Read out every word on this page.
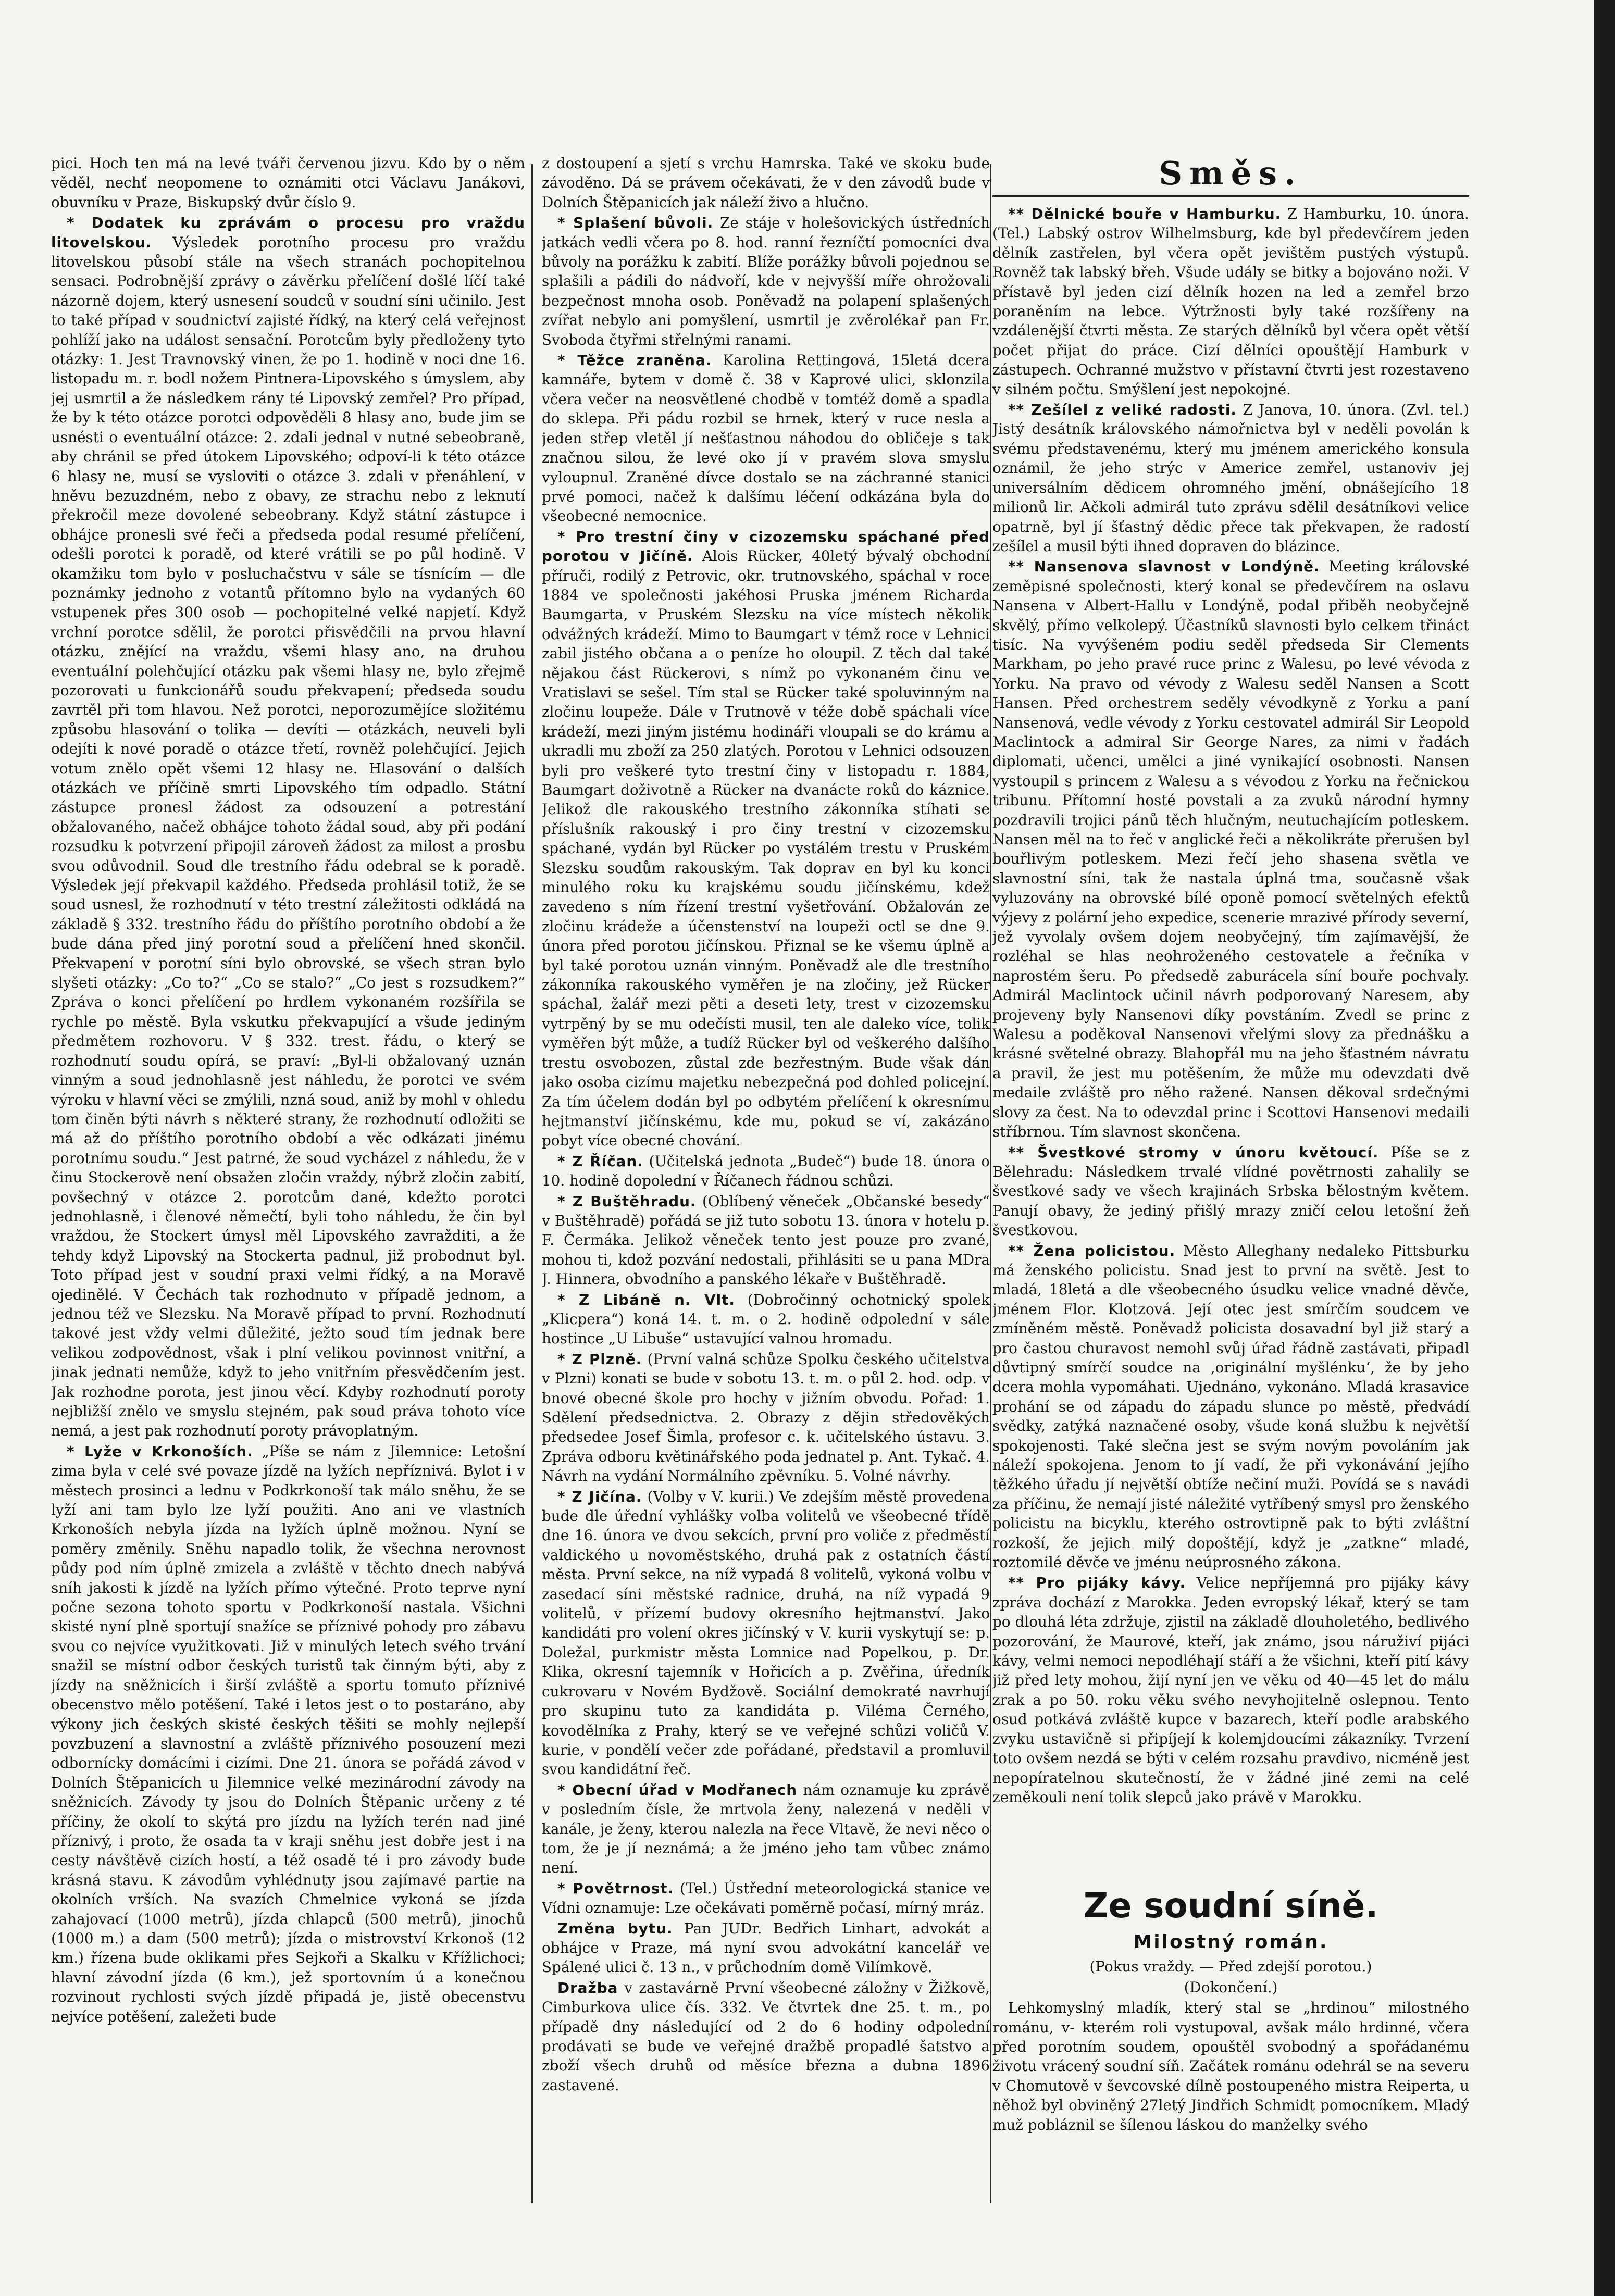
pici. Hoch ten má na levé tváři červenou jizvu. Kdo by o něm věděl, nechť neopomene to oznámiti otci Václavu Janákovi, obuvníku v Praze, Biskupský dvůr číslo 9.

* Dodatek ku zprávám o procesu pro vraždu litovelskou. Výsledek porotního procesu pro vraždu litovelskou působí stále na všech stranách pochopitelnou sensaci. Podrobnější zprávy o závěrku přelíčení došlé líčí také názorně dojem, který usnesení soudců v soudní síni učinilo. Jest to také případ v soudnictví zajisté řídký, na který celá veřejnost pohlíží jako na událost sensační. Porotcům byly předloženy tyto otázky: 1. Jest Travnovský vinen, že po 1. hodině v noci dne 16. listopadu m. r. bodl nožem Pintnera-Lipovského s úmyslem, aby jej usmrtil a že následkem rány té Lipovský zemřel? Pro případ, že by k této otázce porotci odpověděli 8 hlasy ano, bude jim se usnésti o eventuální otázce: 2. zdali jednal v nutné sebeobraně, aby chránil se před útokem Lipovského; odpoví-li k této otázce 6 hlasy ne, musí se vysloviti o otázce 3. zdali v přenáhlení, v hněvu bezuzdném, nebo z obavy, ze strachu nebo z leknutí překročil meze dovolené sebeobrany. Když státní zástupce i obhájce pronesli své řeči a předseda podal resumé přelíčení, odešli porotci k poradě, od které vrátili se po půl hodině. V okamžiku tom bylo v posluchačstvu v sále se tísnícím — dle poznámky jednoho z votantů přítomno bylo na vydaných 60 vstupenek přes 300 osob — pochopitelné velké napjetí. Když vrchní porotce sdělil, že porotci přisvědčili na prvou hlavní otázku, znějící na vraždu, všemi hlasy ano, na druhou eventuální polehčující otázku pak všemi hlasy ne, bylo zřejmě pozorovati u funkcionářů soudu překvapení; předseda soudu zavrtěl při tom hlavou. Než porotci, neporozumějíce složitému způsobu hlasování o tolika — devíti — otázkách, neuveli byli odejíti k nové poradě o otázce třetí, rovněž polehčující. Jejich votum znělo opět všemi 12 hlasy ne. Hlasování o dalších otázkách ve příčině smrti Lipovského tím odpadlo. Státní zástupce pronesl žádost za odsouzení a potrestání obžalovaného, načež obhájce tohoto žádal soud, aby při podání rozsudku k potvrzení připojil zároveň žádost za milost a prosbu svou odůvodnil. Soud dle trestního řádu odebral se k poradě. Výsledek její překvapil každého. Předseda prohlásil totiž, že se soud usnesl, že rozhodnutí v této trestní záležitosti odkládá na základě § 332. trestního řádu do příštího porotního období a že bude dána před jiný porotní soud a přelíčení hned skončil. Překvapení v porotní síni bylo obrovské, se všech stran bylo slyšeti otázky: „Co to?“ „Co se stalo?“ „Co jest s rozsudkem?“ Zpráva o konci přelíčení po hrdlem vykonaném rozšířila se rychle po městě. Byla vskutku překvapující a všude jediným předmětem rozhovoru. V § 332. trest. řádu, o který se rozhodnutí soudu opírá, se praví: „Byl-li obžalovaný uznán vinným a soud jednohlasně jest náhledu, že porotci ve svém výroku v hlavní věci se zmýlili, nzná soud, aniž by mohl v ohledu tom činěn býti návrh s některé strany, že rozhodnutí odložiti se má až do příštího porotního období a věc odkázati jinému porotnímu soudu.“ Jest patrné, že soud vycházel z náhledu, že v činu Stockerově není obsažen zločin vraždy, nýbrž zločin zabití, povšechný v otázce 2. porotcům dané, kdežto porotci jednohlasně, i členové němečtí, byli toho náhledu, že čin byl vraždou, že Stockert úmysl měl Lipovského zavražditi, a že tehdy když Lipovský na Stockerta padnul, již probodnut byl. Toto případ jest v soudní praxi velmi řídký, a na Moravě ojedinělé. V Čechách tak rozhodnuto v případě jednom, a jednou též ve Slezsku. Na Moravě případ to první. Rozhodnutí takové jest vždy velmi důležité, ježto soud tím jednak bere velikou zodpovědnost, však i plní velikou povinnost vnitřní, a jinak jednati nemůže, když to jeho vnitřním přesvědčením jest. Jak rozhodne porota, jest jinou věcí. Kdyby rozhodnutí poroty nejbližší znělo ve smyslu stejném, pak soud práva tohoto více nemá, a jest pak rozhodnutí poroty právoplatným.

* Lyže v Krkonoších. „Píše se nám z Jilemnice: Letošní zima byla v celé své povaze jízdě na lyžích nepříznivá. Bylot i v městech prosinci a lednu v Podkrkonoší tak málo sněhu, že se lyží ani tam bylo lze lyží použiti. Ano ani ve vlastních Krkonoších nebyla jízda na lyžích úplně možnou. Nyní se poměry změnily. Sněhu napadlo tolik, že všechna nerovnost půdy pod ním úplně zmizela a zvláště v těchto dnech nabývá sníh jakosti k jízdě na lyžích přímo výtečné. Proto teprve nyní počne sezona tohoto sportu v Podkrkonoší nastala. Všichni skisté nyní plně sportují snažíce se příznivé pohody pro zábavu svou co nejvíce využitkovati. Již v minulých letech svého trvání snažil se místní odbor českých turistů tak činným býti, aby z jízdy na sněžnicích i širší zvláště a sportu tomuto příznivé obecenstvo mělo potěšení. Také i letos jest o to postaráno, aby výkony jich českých skisté českých těšiti se mohly nejlepší povzbuzení a slavnostní a zvláště příznivého posouzení mezi odbornícky domácími i cizími. Dne 21. února se pořádá závod v Dolních Štěpanicích u Jilemnice velké mezinárodní závody na sněžnicích. Závody ty jsou do Dolních Štěpanic určeny z té příčiny, že okolí to skýtá pro jízdu na lyžích terén nad jiné příznivý, i proto, že osada ta v kraji sněhu jest dobře jest i na cesty návštěvě cizích hostí, a též osadě té i pro závody bude krásná stavu. K závodům vyhlédnuty jsou zajímavé partie na okolních vrších. Na svazích Chmelnice vykoná se jízda zahajovací (1000 metrů), jízda chlapců (500 metrů), jinochů (1000 m.) a dam (500 metrů); jízda o mistrovství Krkonoš (12 km.) řízena bude oklikami přes Sejkoři a Skalku v Křížlichoci; hlavní závodní jízda (6 km.), jež sportovním ú a konečnou rozvinout rychlosti svých jízdě připadá je, jistě obecenstvu nejvíce potěšení, zaležeti bude

z dostoupení a sjetí s vrchu Hamrska. Také ve skoku bude závoděno. Dá se právem očekávati, že v den závodů bude v Dolních Štěpanicích jak náleží živo a hlučno.

* Splašení bůvoli. Ze stáje v holešovických ústředních jatkách vedli včera po 8. hod. ranní řezníčtí pomocníci dva bůvoly na porážku k zabití. Blíže porážky bůvoli pojednou se splašili a pádili do nádvoří, kde v nejvyšší míře ohrožovali bezpečnost mnoha osob. Poněvadž na polapení splašených zvířat nebylo ani pomyšlení, usmrtil je zvěrolékař pan Fr. Svoboda čtyřmi střelnými ranami.

* Těžce zraněna. Karolina Rettingová, 15letá dcera kamnáře, bytem v domě č. 38 v Kaprové ulici, sklonzila včera večer na neosvětlené chodbě v tomtéž domě a spadla do sklepa. Při pádu rozbil se hrnek, který v ruce nesla a jeden střep vletěl jí nešťastnou náhodou do obličeje s tak značnou silou, že levé oko jí v pravém slova smyslu vyloupnul. Zraněné dívce dostalo se na záchranné stanici prvé pomoci, načež k dalšímu léčení odkázána byla do všeobecné nemocnice.

* Pro trestní činy v cizozemsku spáchané před porotou v Jičíně. Alois Rücker, 40letý bývalý obchodní příruči, rodilý z Petrovic, okr. trutnovského, spáchal v roce 1884 ve společnosti jakéhosi Pruska jménem Richarda Baumgarta, v Pruském Slezsku na více místech několik odvážných krádeží. Mimo to Baumgart v témž roce v Lehnici zabil jistého občana a o peníze ho oloupil. Z těch dal také nějakou část Rückerovi, s nímž po vykonaném činu ve Vratislavi se sešel. Tím stal se Rücker také spoluvinným na zločinu loupeže. Dále v Trutnově v téže době spáchali více krádeží, mezi jiným jistému hodináři vloupali se do krámu a ukradli mu zboží za 250 zlatých. Porotou v Lehnici odsouzen byli pro veškeré tyto trestní činy v listopadu r. 1884, Baumgart doživotně a Rücker na dvanácte roků do káznice. Jelikož dle rakouského trestního zákonníka stíhati se příslušník rakouský i pro činy trestní v cizozemsku spáchané, vydán byl Rücker po vystálém trestu v Pruském Slezsku soudům rakouským. Tak doprav en byl ku konci minulého roku ku krajskému soudu jičínskému, kdež zavedeno s ním řízení trestní vyšetřování. Obžalován ze zločinu krádeže a účenstenství na loupeži octl se dne 9. února před porotou jičínskou. Přiznal se ke všemu úplně a byl také porotou uznán vinným. Poněvadž ale dle trestního zákonníka rakouského vyměřen je na zločiny, jež Rücker spáchal, žalář mezi pěti a deseti lety, trest v cizozemsku vytrpěný by se mu odečísti musil, ten ale daleko více, tolik vyměřen být může, a tudíž Rücker byl od veškerého dalšího trestu osvobozen, zůstal zde bezřestným. Bude však dán jako osoba cizímu majetku nebezpečná pod dohled policejní. Za tím účelem dodán byl po odbytém přelíčení k okresnímu hejtmanství jičínskému, kde mu, pokud se ví, zakázáno pobyt více obecné chování.

* Z Říčan. (Učitelská jednota „Budeč“) bude 18. února o 10. hodině dopolední v Říčanech řádnou schůzi.

* Z Buštěhradu. (Oblíbený věneček „Občanské besedy“ v Buštěhradě) pořádá se již tuto sobotu 13. února v hotelu p. F. Čermáka. Jelikož věneček tento jest pouze pro zvané, mohou ti, kdož pozvání nedostali, přihlásiti se u pana MDra J. Hinnera, obvodního a panského lékaře v Buštěhradě.

* Z Libáně n. Vlt. (Dobročinný ochotnický spolek „Klicpera“) koná 14. t. m. o 2. hodině odpolední v sále hostince „U Libuše“ ustavující valnou hromadu.

* Z Plzně. (První valná schůze Spolku českého učitelstva v Plzni) konati se bude v sobotu 13. t. m. o půl 2. hod. odp. v bnové obecné škole pro hochy v jižním obvodu. Pořad: 1. Sdělení předsednictva. 2. Obrazy z dějin středověkých předsedee Josef Šimla, profesor c. k. učitelského ústavu. 3. Zpráva odboru květinářského poda jednatel p. Ant. Tykač. 4. Návrh na vydání Normálního zpěvníku. 5. Volné návrhy.

* Z Jičína. (Volby v V. kurii.) Ve zdejším městě provedena bude dle úřední vyhlášky volba volitelů ve všeobecné třídě dne 16. února ve dvou sekcích, první pro voliče z předměstí valdického u novoměstského, druhá pak z ostatních částí města. První sekce, na níž vypadá 8 volitelů, vykoná volbu v zasedací síni městské radnice, druhá, na níž vypadá 9 volitelů, v přízemí budovy okresního hejtmanství. Jako kandidáti pro volení okres jičínský v V. kurii vyskytují se: p. Doležal, purkmistr města Lomnice nad Popelkou, p. Dr. Klika, okresní tajemník v Hořicích a p. Zvěřina, úředník cukrovaru v Novém Bydžově. Sociální demokraté navrhují pro skupinu tuto za kandidáta p. Viléma Černého, kovodělníka z Prahy, který se ve veřejné schůzi voličů V. kurie, v pondělí večer zde pořádané, představil a promluvil svou kandidátní řeč.

* Obecní úřad v Modřanech nám oznamuje ku zprávě v posledním čísle, že mrtvola ženy, nalezená v neděli v kanále, je ženy, kterou nalezla na řece Vltavě, že nevi něco o tom, že je jí neznámá; a že jméno jeho tam vůbec známo není.

* Povětrnost. (Tel.) Ústřední meteorologická stanice ve Vídni oznamuje: Lze očekávati poměrně počasí, mírný mráz.

Změna bytu. Pan JUDr. Bedřich Linhart, advokát a obhájce v Praze, má nyní svou advokátní kancelář ve Spálené ulici č. 13 n., v průchodním domě Vilímkově.

Dražba v zastavárně První všeobecné záložny v Žižkově, Cimburkova ulice čís. 332. Ve čtvrtek dne 25. t. m., po případě dny následující od 2 do 6 hodiny odpolední prodávati se bude ve veřejné dražbě propadlé šatstvo a zboží všech druhů od měsíce března a dubna 1896 zastavené.

Směs.

** Dělnické bouře v Hamburku. Z Hamburku, 10. února. (Tel.) Labský ostrov Wilhelmsburg, kde byl předevčírem jeden dělník zastřelen, byl včera opět jevištěm pustých výstupů. Rovněž tak labský břeh. Všude udály se bitky a bojováno noži. V přístavě byl jeden cizí dělník hozen na led a zemřel brzo poraněním na lebce. Výtržnosti byly také rozšířeny na vzdálenější čtvrti města. Ze starých dělníků byl včera opět větší počet přijat do práce. Cizí dělníci opouštějí Hamburk v zástupech. Ochranné mužstvo v přístavní čtvrti jest rozestaveno v silném počtu. Smýšlení jest nepokojné.

** Zešílel z veliké radosti. Z Janova, 10. února. (Zvl. tel.) Jistý desátník královského námořnictva byl v neděli povolán k svému představenému, který mu jménem amerického konsula oznámil, že jeho strýc v Americe zemřel, ustanoviv jej universálním dědicem ohromného jmění, obnášejícího 18 milionů lir. Ačkoli admirál tuto zprávu sdělil desátníkovi velice opatrně, byl jí šťastný dědic přece tak překvapen, že radostí zešílel a musil býti ihned dopraven do blázince.

** Nansenova slavnost v Londýně. Meeting královské zeměpisné společnosti, který konal se předevčírem na oslavu Nansena v Albert-Hallu v Londýně, podal přiběh neobyčejně skvělý, přímo velkolepý. Účastníků slavnosti bylo celkem třináct tisíc. Na vyvýšeném podiu seděl předseda Sir Clements Markham, po jeho pravé ruce princ z Walesu, po levé vévoda z Yorku. Na pravo od vévody z Walesu seděl Nansen a Scott Hansen. Před orchestrem seděly vévodkyně z Yorku a paní Nansenová, vedle vévody z Yorku cestovatel admirál Sir Leopold Maclintock a admiral Sir George Nares, za nimi v řadách diplomati, učenci, umělci a jiné vynikající osobnosti. Nansen vystoupil s princem z Walesu a s vévodou z Yorku na řečnickou tribunu. Přítomní hosté povstali a za zvuků národní hymny pozdravili trojici pánů těch hlučným, neutuchajícím potleskem. Nansen měl na to řeč v anglické řeči a několikráte přerušen byl bouřlivým potleskem. Mezi řečí jeho shasena světla ve slavnostní síni, tak že nastala úplná tma, současně však vyluzovány na obrovské bílé oponě pomocí světelných efektů výjevy z polární jeho expedice, scenerie mrazivé přírody severní, jež vyvolaly ovšem dojem neobyčejný, tím zajímavější, že rozléhal se hlas neohroženého cestovatele a řečníka v naprostém šeru. Po předsedě zaburácela síní bouře pochvaly. Admirál Maclintock učinil návrh podporovaný Naresem, aby projeveny byly Nansenovi díky povstáním. Zvedl se princ z Walesu a poděkoval Nansenovi vřelými slovy za přednášku a krásné světelné obrazy. Blahopřál mu na jeho šťastném návratu a pravil, že jest mu potěšením, že může mu odevzdati dvě medaile zvláště pro něho ražené. Nansen děkoval srdečnými slovy za čest. Na to odevzdal princ i Scottovi Hansenovi medaili stříbrnou. Tím slavnost skončena.

** Švestkové stromy v únoru květoucí. Píše se z Bělehradu: Následkem trvalé vlídné povětrnosti zahalily se švestkové sady ve všech krajinách Srbska bělostným květem. Panují obavy, že jediný přišlý mrazy zničí celou letošní žeň švestkovou.

** Žena policistou. Město Alleghany nedaleko Pittsburku má ženského policistu. Snad jest to první na světě. Jest to mladá, 18letá a dle všeobecného úsudku velice vnadné děvče, jménem Flor. Klotzová. Její otec jest smírčím soudcem ve zmíněném městě. Poněvadž policista dosavadní byl již starý a pro častou churavost nemohl svůj úřad řádně zastávati, připadl důvtipný smírčí soudce na ‚originální myšlénku‘, že by jeho dcera mohla vypomáhati. Ujednáno, vykonáno. Mladá krasavice prohání se od západu do západu slunce po městě, předvádí svědky, zatýká naznačené osoby, všude koná službu k největší spokojenosti. Také slečna jest se svým novým povoláním jak náleží spokojena. Jenom to jí vadí, že při vykonávání jejího těžkého úřadu jí největší obtíže nečiní muži. Povídá se s navádi za příčinu, že nemají jisté náležité vytříbený smysl pro ženského policistu na bicyklu, kterého ostrovtipně pak to býti zvláštní rozkoší, že jejich milý dopoštějí, když je „zatkne“ mladé, roztomilé děvče ve jménu neúprosného zákona.

** Pro pijáky kávy. Velice nepříjemná pro pijáky kávy zpráva dochází z Marokka. Jeden evropský lékař, který se tam po dlouhá léta zdržuje, zjistil na základě dlouholetého, bedlivého pozorování, že Maurové, kteří, jak známo, jsou náruživí pijáci kávy, velmi nemoci nepodléhají stáří a že všichni, kteří pití kávy již před lety mohou, žijí nyní jen ve věku od 40—45 let do málu zrak a po 50. roku věku svého nevyhojitelně oslepnou. Tento osud potkává zvláště kupce v bazarech, kteří podle arabského zvyku ustavičně si připíjejí k kolemjdoucími zákazníky. Tvrzení toto ovšem nezdá se býti v celém rozsahu pravdivo, nicméně jest nepopíratelnou skutečností, že v žádné jiné zemi na celé zeměkouli není tolik slepců jako právě v Marokku.

Ze soudní síně.
Milostný román.

(Pokus vraždy. — Před zdejší porotou.)

(Dokončení.)

Lehkomyslný mladík, který stal se „hrdinou“ milostného románu, v- kterém roli vystupoval, avšak málo hrdinné, včera před porotním soudem, opouštěl svobodný a spořádanému životu vrácený soudní síň. Začátek románu odehrál se na severu v Chomutově v ševcovské dílně postoupeného mistra Reiperta, u něhož byl obviněný 27letý Jindřich Schmidt pomocníkem. Mladý muž pobláznil se šílenou láskou do manželky svého
